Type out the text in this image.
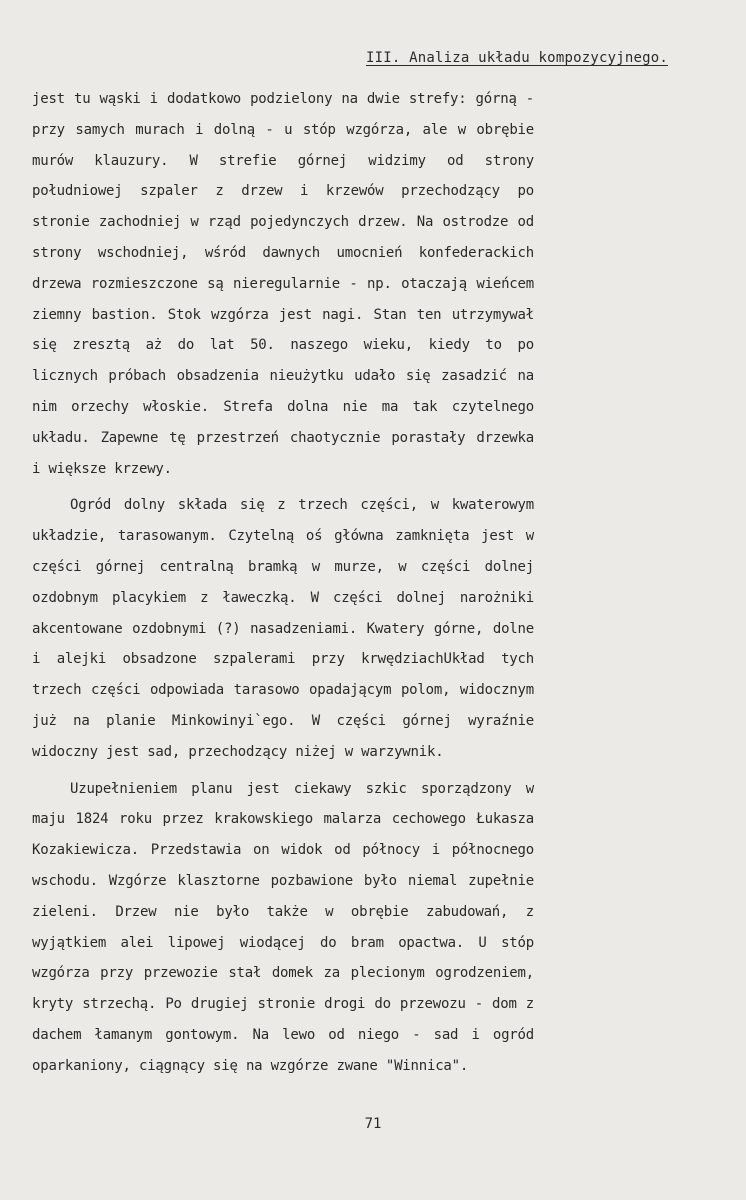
III. Analiza układu kompozycyjnego.
jest tu wąski i dodatkowo podzielony na dwie strefy: górną -
przy samych murach i dolną - u stóp wzgórza, ale w obrębie
murów klauzury. W strefie górnej widzimy od strony
południowej szpaler z drzew i krzewów przechodzący po
stronie zachodniej w rząd pojedynczych drzew. Na ostrodze od
strony wschodniej, wśród dawnych umocnień konfederackich
drzewa rozmieszczone są nieregularnie - np. otaczają wieńcem
ziemny bastion. Stok wzgórza jest nagi. Stan ten utrzymywał
się zresztą aż do lat 50. naszego wieku, kiedy to po
licznych próbach obsadzenia nieużytku udało się zasadzić na
nim orzechy włoskie. Strefa dolna nie ma tak czytelnego
układu. Zapewne tę przestrzeń chaotycznie porastały drzewka
i większe krzewy.
Ogród dolny składa się z trzech części, w kwaterowym
układzie, tarasowanym. Czytelną oś główna zamknięta jest w
części górnej centralną bramką w murze, w części dolnej
ozdobnym placykiem z ławeczką. W części dolnej narożniki
akcentowane ozdobnymi (?) nasadzeniami. Kwatery górne, dolne
i alejki obsadzone szpalerami przy krwędziachUkład tych
trzech części odpowiada tarasowo opadającym polom, widocznym
już na planie Minkowinyi`ego. W części górnej wyraźnie
widoczny jest sad, przechodzący niżej w warzywnik.
Uzupełnieniem planu jest ciekawy szkic sporządzony w
maju 1824 roku przez krakowskiego malarza cechowego Łukasza
Kozakiewicza. Przedstawia on widok od północy i północnego
wschodu. Wzgórze klasztorne pozbawione było niemal zupełnie
zieleni. Drzew nie było także w obrębie zabudowań, z
wyjątkiem alei lipowej wiodącej do bram opactwa. U stóp
wzgórza przy przewozie stał domek za plecionym ogrodzeniem,
kryty strzechą. Po drugiej stronie drogi do przewozu - dom z
dachem łamanym gontowym. Na lewo od niego - sad i ogród
oparkaniony, ciągnący się na wzgórze zwane "Winnica".
71
